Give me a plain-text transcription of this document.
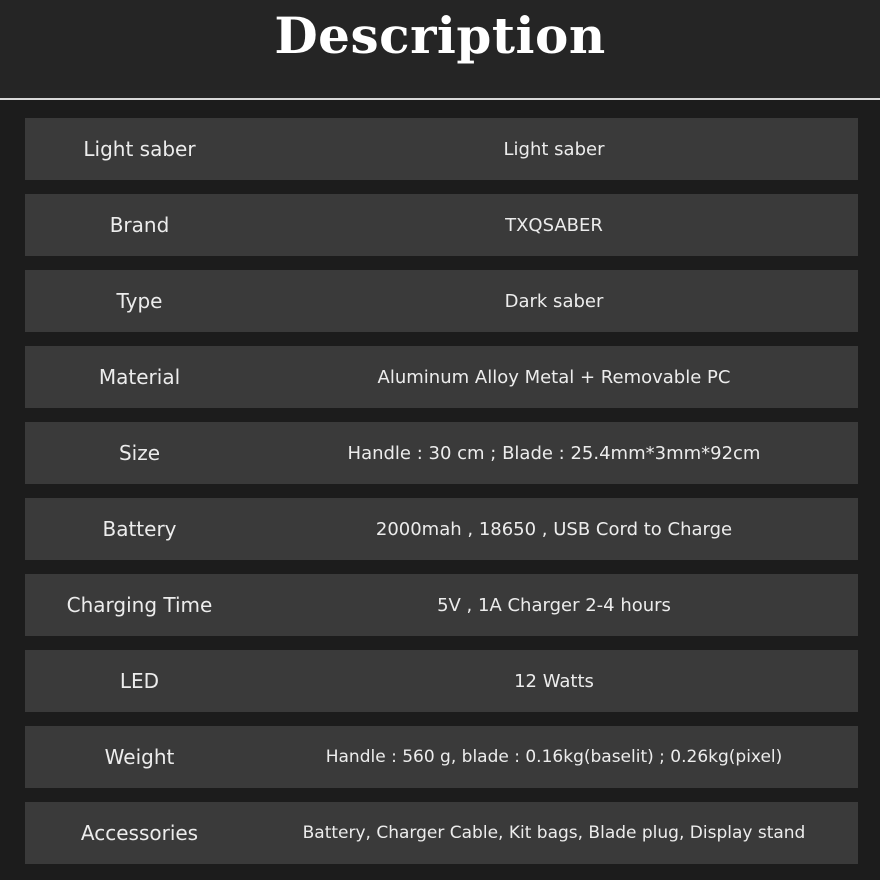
Description
Light saber	Light saber
Brand	TXQSABER
Type	Dark saber
Material	Aluminum Alloy Metal + Removable PC
Size	Handle : 30 cm ; Blade : 25.4mm*3mm*92cm
Battery	2000mah , 18650 , USB Cord to Charge
Charging Time	5V , 1A Charger 2-4 hours
LED	12 Watts
Weight	Handle : 560 g, blade : 0.16kg(baselit) ; 0.26kg(pixel)
Accessories	Battery, Charger Cable, Kit bags, Blade plug, Display stand
